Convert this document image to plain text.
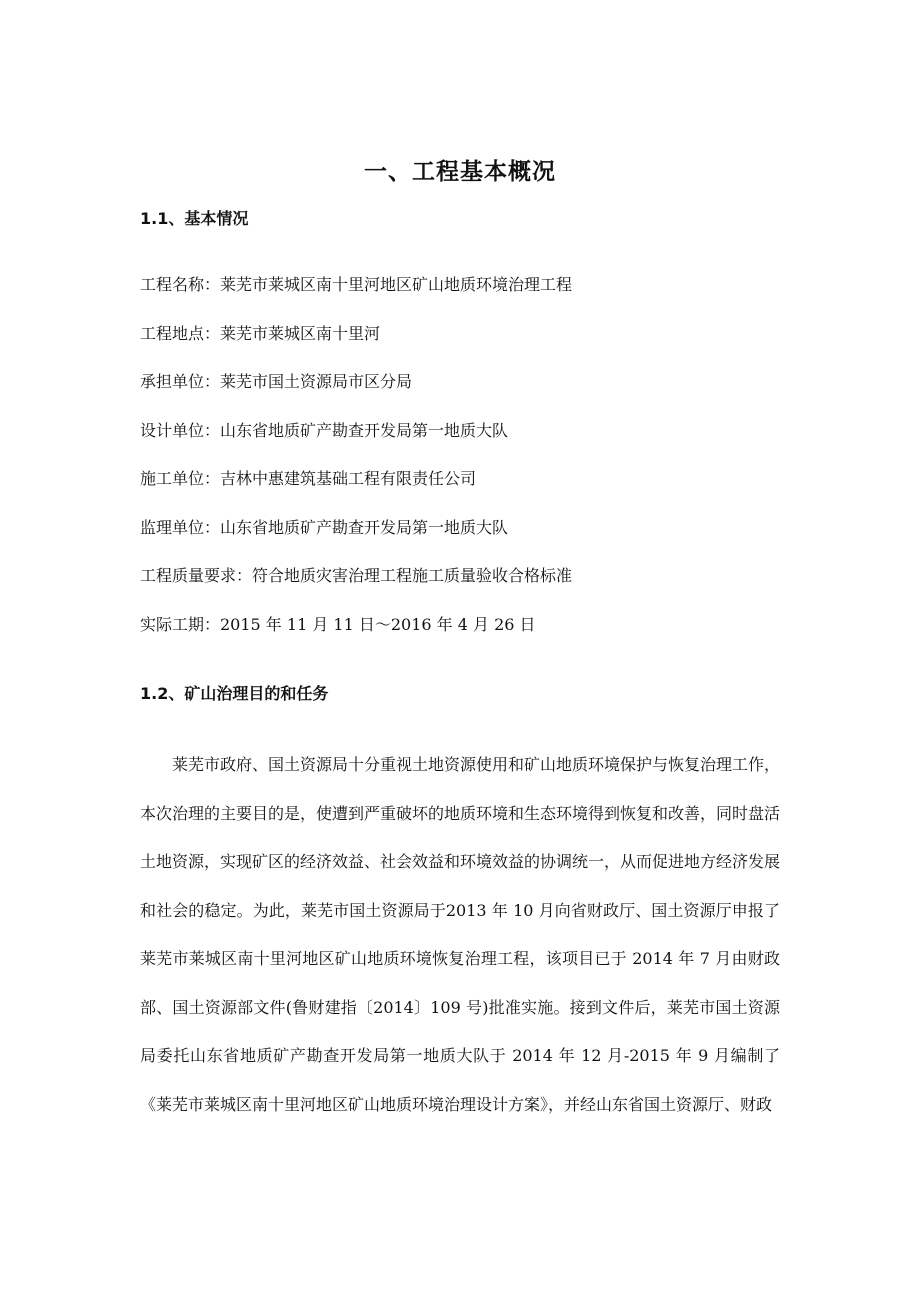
一、工程基本概况
1.1、基本情况
工程名称：莱芜市莱城区南十里河地区矿山地质环境治理工程
工程地点：莱芜市莱城区南十里河
承担单位：莱芜市国土资源局市区分局
设计单位：山东省地质矿产勘查开发局第一地质大队
施工单位：吉林中惠建筑基础工程有限责任公司
监理单位：山东省地质矿产勘查开发局第一地质大队
工程质量要求：符合地质灾害治理工程施工质量验收合格标准
实际工期：2015 年 11 月 11 日～2016 年 4 月 26 日
1.2、矿山治理目的和任务

莱芜市政府、国土资源局十分重视土地资源使用和矿山地质环境保护与恢复治理工作，本次治理的主要目的是，使遭到严重破坏的地质环境和生态环境得到恢复和改善，同时盘活土地资源，实现矿区的经济效益、社会效益和环境效益的协调统一，从而促进地方经济发展和社会的稳定。为此，莱芜市国土资源局于2013 年 10 月向省财政厅、国土资源厅申报了莱芜市莱城区南十里河地区矿山地质环境恢复治理工程，该项目已于 2014 年 7 月由财政部、国土资源部文件(鲁财建指〔2014〕109 号)批准实施。接到文件后，莱芜市国土资源局委托山东省地质矿产勘查开发局第一地质大队于 2014 年 12 月-2015 年 9 月编制了《莱芜市莱城区南十里河地区矿山地质环境治理设计方案》，并经山东省国土资源厅、财政
